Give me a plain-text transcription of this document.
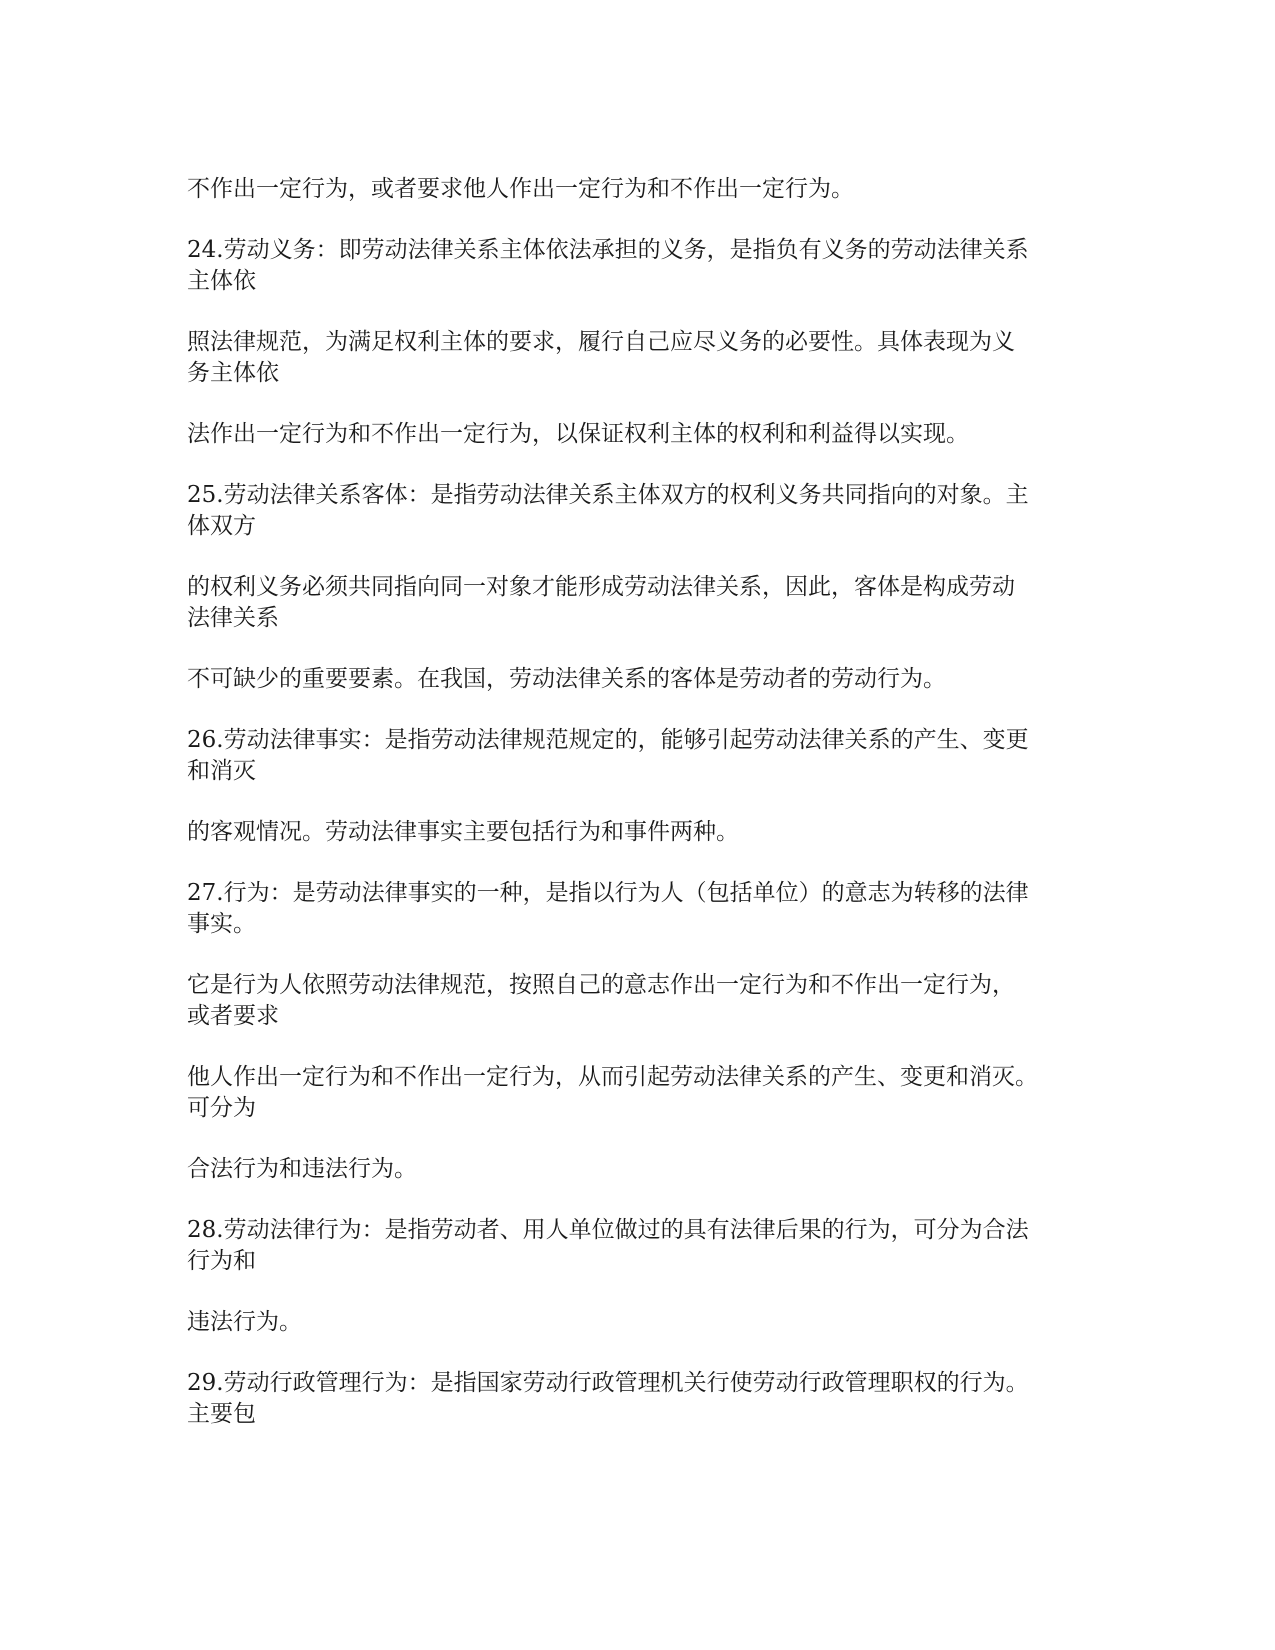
不作出一定行为，或者要求他人作出一定行为和不作出一定行为。

24.劳动义务：即劳动法律关系主体依法承担的义务，是指负有义务的劳动法律关系
主体依

照法律规范，为满足权利主体的要求，履行自己应尽义务的必要性。具体表现为义
务主体依

法作出一定行为和不作出一定行为，以保证权利主体的权利和利益得以实现。

25.劳动法律关系客体：是指劳动法律关系主体双方的权利义务共同指向的对象。主
体双方

的权利义务必须共同指向同一对象才能形成劳动法律关系，因此，客体是构成劳动
法律关系

不可缺少的重要要素。在我国，劳动法律关系的客体是劳动者的劳动行为。

26.劳动法律事实：是指劳动法律规范规定的，能够引起劳动法律关系的产生、变更
和消灭

的客观情况。劳动法律事实主要包括行为和事件两种。

27.行为：是劳动法律事实的一种，是指以行为人（包括单位）的意志为转移的法律
事实。

它是行为人依照劳动法律规范，按照自己的意志作出一定行为和不作出一定行为，
或者要求

他人作出一定行为和不作出一定行为，从而引起劳动法律关系的产生、变更和消灭。
可分为

合法行为和违法行为。

28.劳动法律行为：是指劳动者、用人单位做过的具有法律后果的行为，可分为合法
行为和

违法行为。

29.劳动行政管理行为：是指国家劳动行政管理机关行使劳动行政管理职权的行为。
主要包
